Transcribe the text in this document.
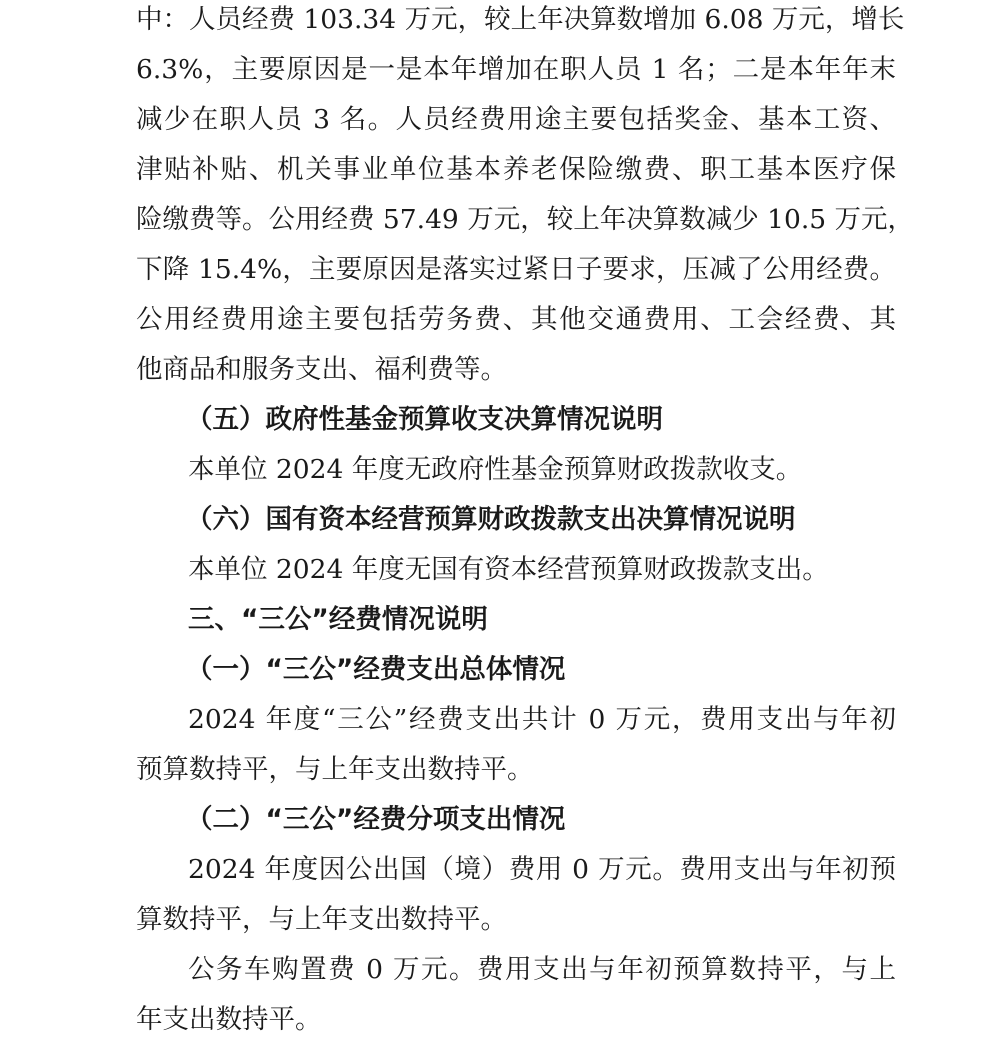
中：人员经费 103.34 万元，较上年决算数增加 6.08 万元，增长
6.3%，主要原因是一是本年增加在职人员 1 名；二是本年年末
减少在职人员 3 名。人员经费用途主要包括奖金、基本工资、
津贴补贴、机关事业单位基本养老保险缴费、职工基本医疗保
险缴费等。公用经费 57.49 万元，较上年决算数减少 10.5 万元，
下降 15.4%，主要原因是落实过紧日子要求，压减了公用经费。
公用经费用途主要包括劳务费、其他交通费用、工会经费、其
他商品和服务支出、福利费等。
（五）政府性基金预算收支决算情况说明
本单位 2024 年度无政府性基金预算财政拨款收支。
（六）国有资本经营预算财政拨款支出决算情况说明
本单位 2024 年度无国有资本经营预算财政拨款支出。
三、“三公”经费情况说明
（一）“三公”经费支出总体情况
2024 年度“三公”经费支出共计 0 万元，费用支出与年初
预算数持平，与上年支出数持平。
（二）“三公”经费分项支出情况
2024 年度因公出国（境）费用 0 万元。费用支出与年初预
算数持平，与上年支出数持平。
公务车购置费 0 万元。费用支出与年初预算数持平，与上
年支出数持平。
